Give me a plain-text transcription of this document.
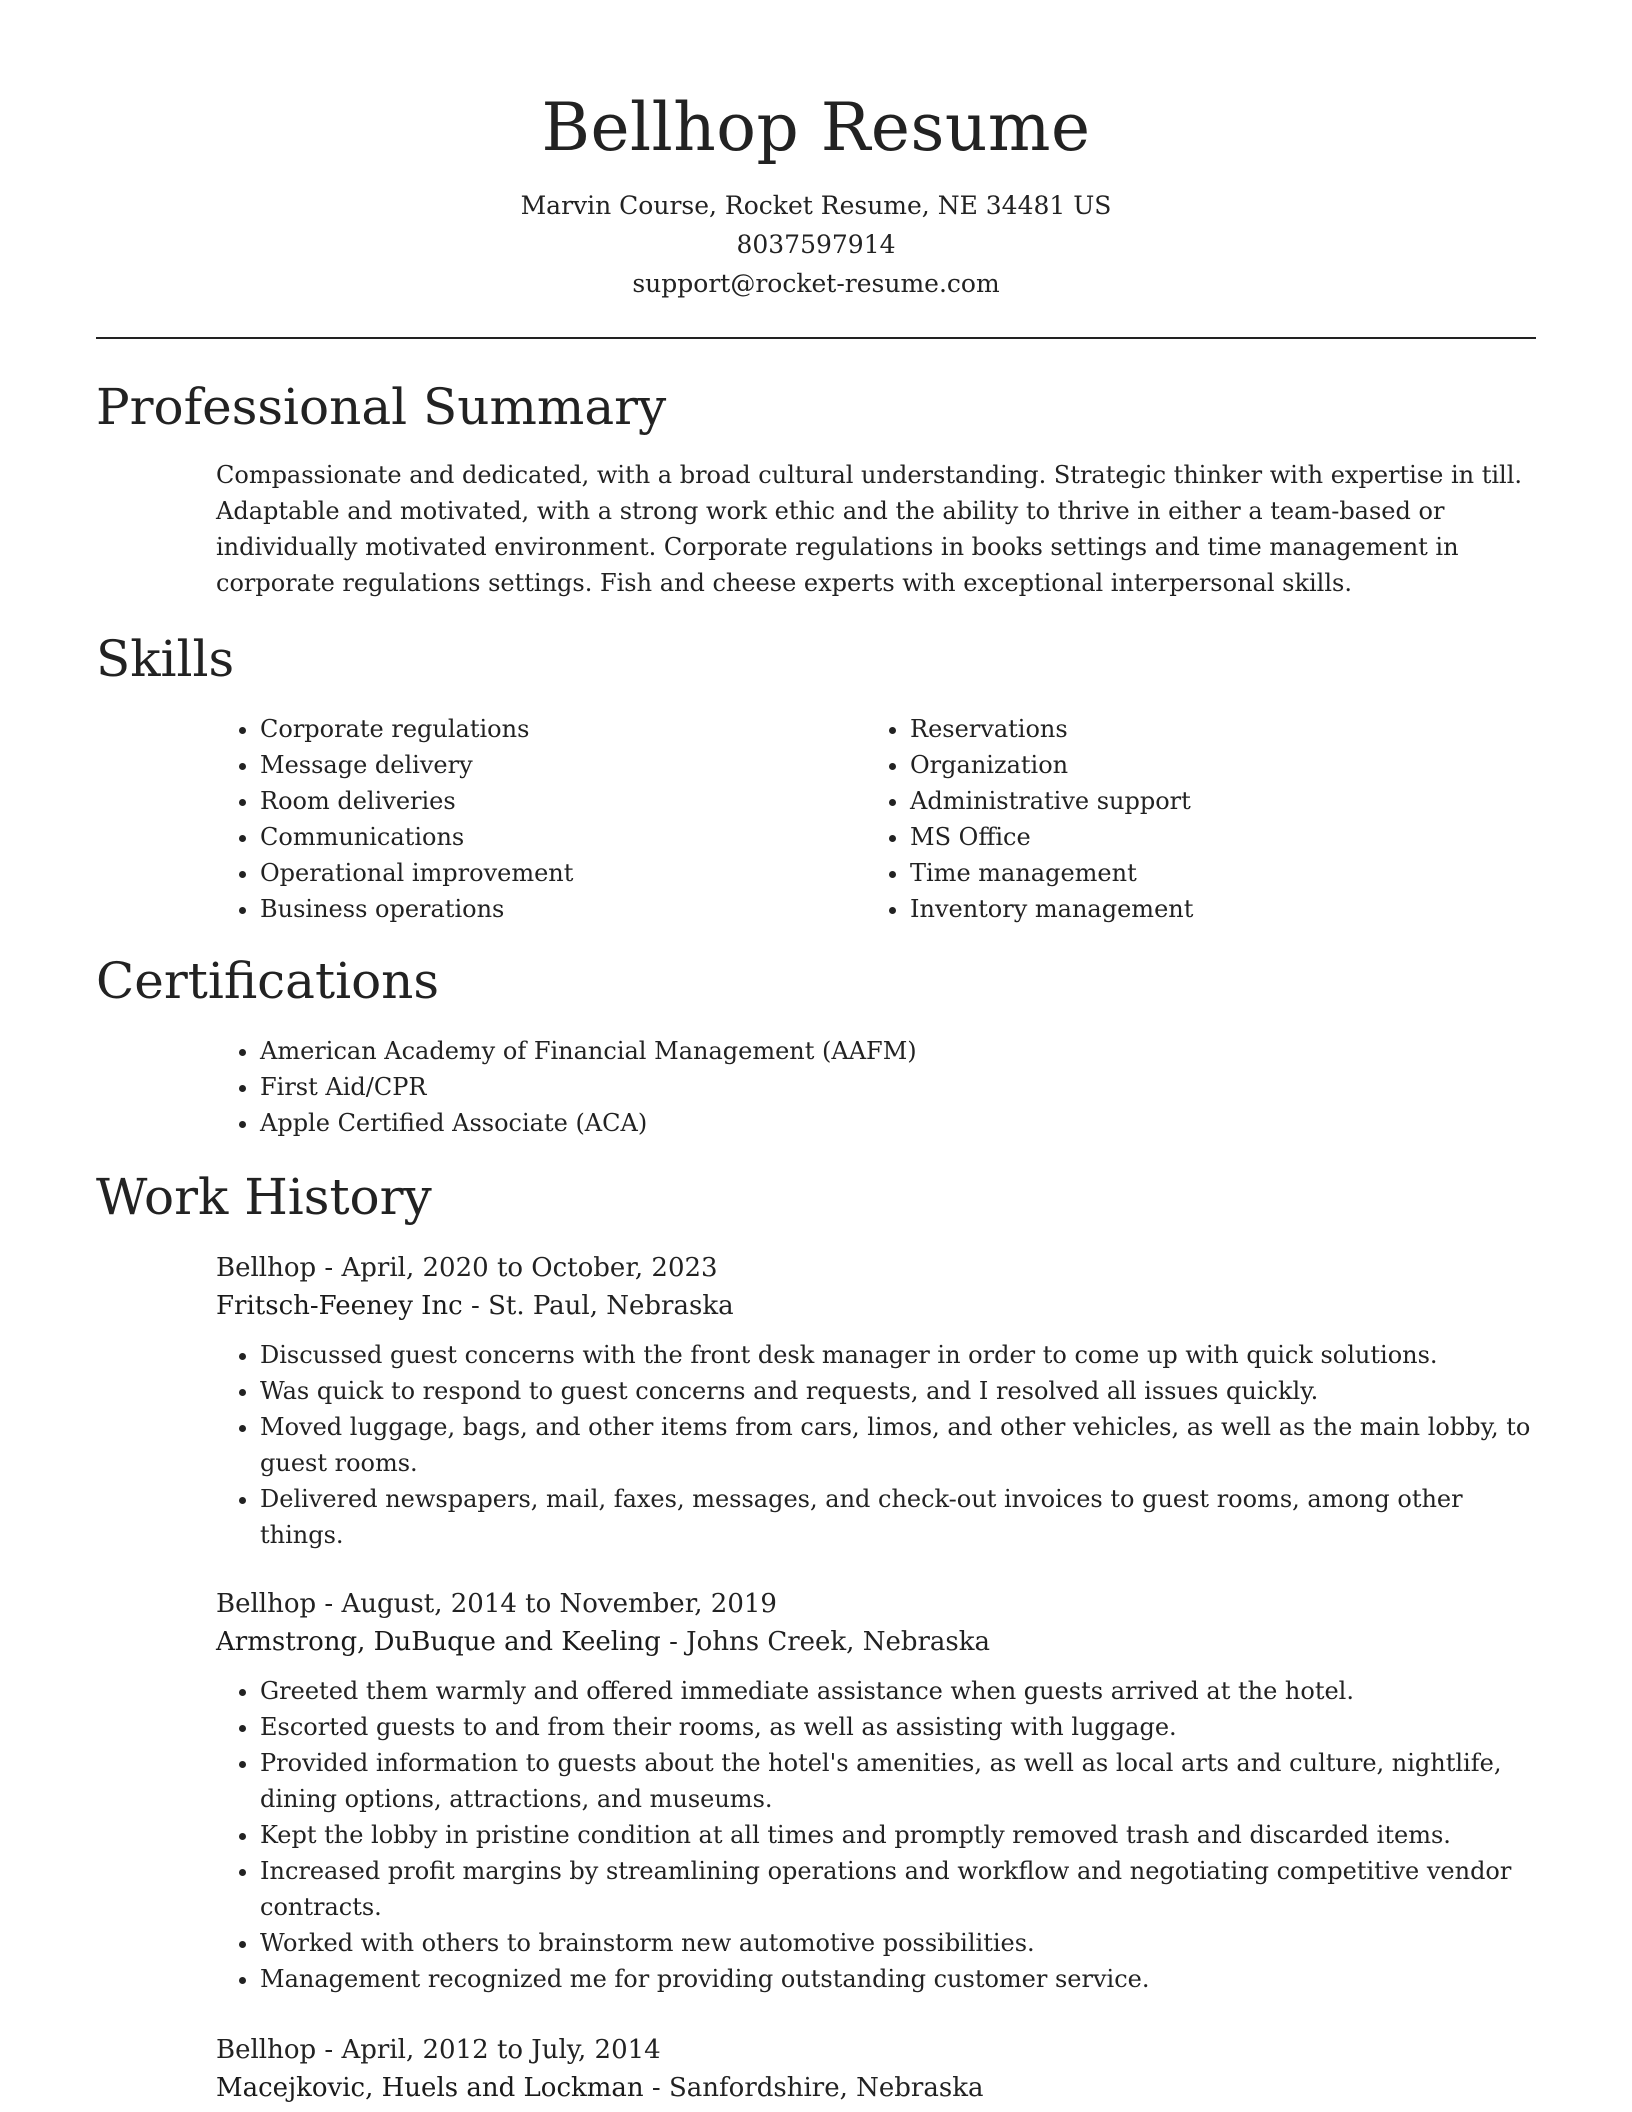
Bellhop Resume

Marvin Course, Rocket Resume, NE 34481 US

8037597914

support@rocket-resume.com

Professional Summary

Compassionate and dedicated, with a broad cultural understanding. Strategic thinker with expertise in till. Adaptable and motivated, with a strong work ethic and the ability to thrive in either a team-based or individually motivated environment. Corporate regulations in books settings and time management in corporate regulations settings. Fish and cheese experts with exceptional interpersonal skills.

Skills
• Corporate regulations
• Message delivery
• Room deliveries
• Communications
• Operational improvement
• Business operations
• Reservations
• Organization
• Administrative support
• MS Office
• Time management
• Inventory management
Certifications
• American Academy of Financial Management (AAFM)
• First Aid/CPR
• Apple Certified Associate (ACA)
Work History

Bellhop - April, 2020 to October, 2023

Fritsch-Feeney Inc - St. Paul, Nebraska

• Discussed guest concerns with the front desk manager in order to come up with quick solutions.
• Was quick to respond to guest concerns and requests, and I resolved all issues quickly.
• Moved luggage, bags, and other items from cars, limos, and other vehicles, as well as the main lobby, to guest rooms.
• Delivered newspapers, mail, faxes, messages, and check-out invoices to guest rooms, among other things.

Bellhop - August, 2014 to November, 2019

Armstrong, DuBuque and Keeling - Johns Creek, Nebraska

• Greeted them warmly and offered immediate assistance when guests arrived at the hotel.
• Escorted guests to and from their rooms, as well as assisting with luggage.
• Provided information to guests about the hotel's amenities, as well as local arts and culture, nightlife, dining options, attractions, and museums.
• Kept the lobby in pristine condition at all times and promptly removed trash and discarded items.
• Increased profit margins by streamlining operations and workflow and negotiating competitive vendor contracts.
• Worked with others to brainstorm new automotive possibilities.
• Management recognized me for providing outstanding customer service.

Bellhop - April, 2012 to July, 2014

Macejkovic, Huels and Lockman - Sanfordshire, Nebraska
